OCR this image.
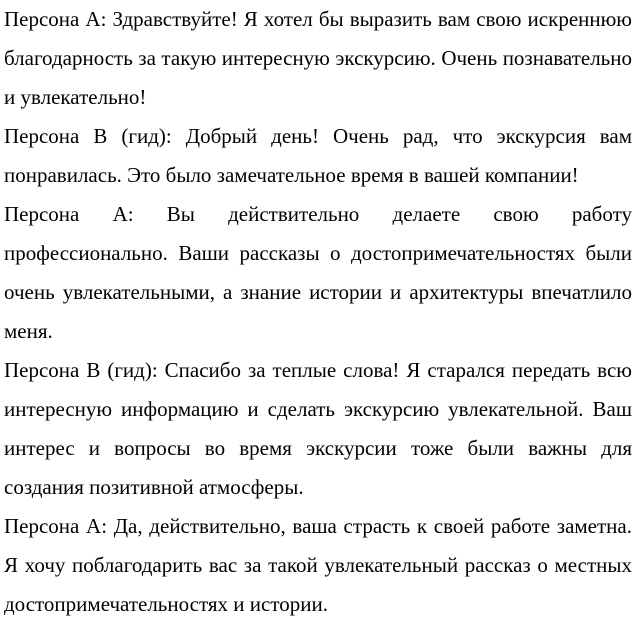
Персона А: Здравствуйте! Я хотел бы выразить вам свою искреннюю благодарность за такую интересную экскурсию. Очень познавательно и увлекательно!

Персона В (гид): Добрый день! Очень рад, что экскурсия вам понравилась. Это было замечательное время в вашей компании!

Персона А: Вы действительно делаете свою работу профессионально. Ваши рассказы о достопримечательностях были очень увлекательными, а знание истории и архитектуры впечатлило меня.

Персона В (гид): Спасибо за теплые слова! Я старался передать всю интересную информацию и сделать экскурсию увлекательной. Ваш интерес и вопросы во время экскурсии тоже были важны для создания позитивной атмосферы.

Персона А: Да, действительно, ваша страсть к своей работе заметна. Я хочу поблагодарить вас за такой увлекательный рассказ о местных достопримечательностях и истории.
